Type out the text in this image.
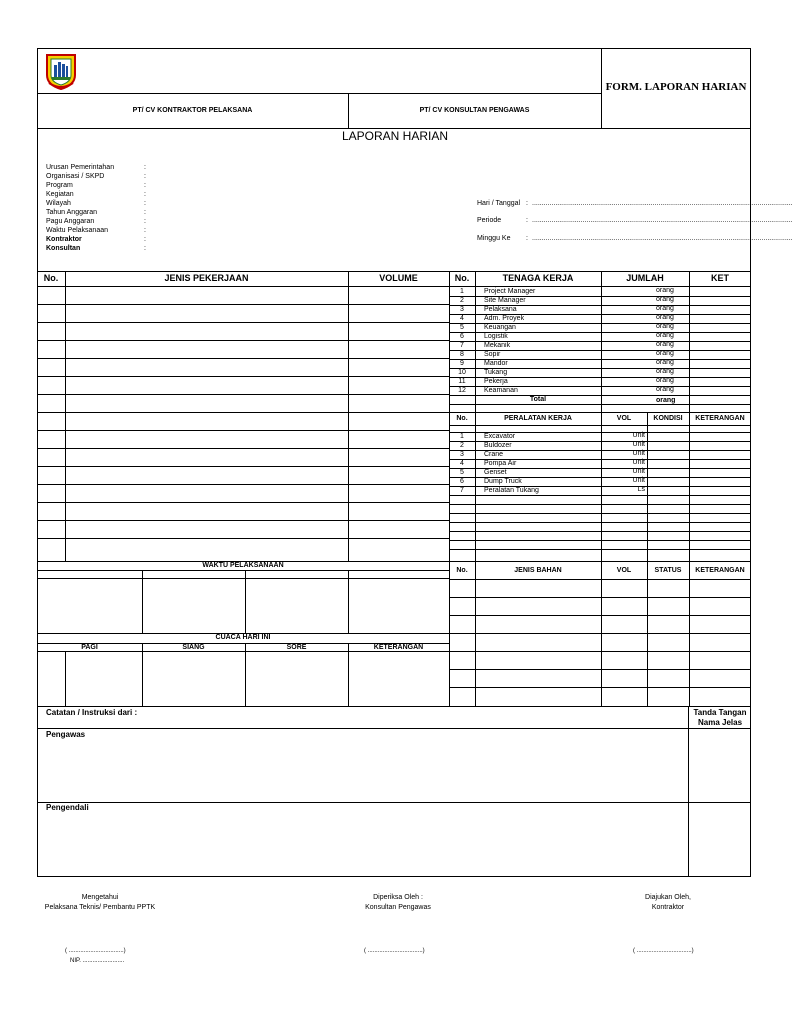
FORM. LAPORAN HARIAN
PT/ CV KONTRAKTOR PELAKSANA	PT/ CV KONSULTAN PENGAWAS
LAPORAN HARIAN
Urusan Pemerintahan	:
Organisasi / SKPD	:
Program	:
Kegiatan	:
Wilayah	:
Tahun Anggaran	:
Pagu Anggaran	:
Waktu Pelaksanaan	:
Kontraktor	:
Konsultan	:
Hari / Tanggal : ......................................................................................................................................
Periode	: ......................................................................................................................................
Minggu Ke : ......................................................................................................................................
No.	JENIS PEKERJAAN	VOLUME	No.	TENAGA KERJA	JUMLAH	KET
1	Project Manager	orang
2	Site Manager	orang
3	Pelaksana	orang
4	Adm. Proyek	orang
5	Keuangan	orang
6	Logistik	orang
7	Mekanik	orang
8	Sopir	orang
9	Mandor	orang
10	Tukang	orang
11	Pekerja	orang
12	Keamanan	orang
Total	orang
No.	PERALATAN KERJA	VOL	KONDISI	KETERANGAN
1	Excavator	Unit
2	Buldozer	Unit
3	Crane	Unit
4	Pompa Air	Unit
5	Genset	Unit
6	Dump Truck	Unit
7	Peralatan Tukang	Ls
No.	JENIS BAHAN	VOL	STATUS	KETERANGAN
WAKTU PELAKSANAAN
CUACA HARI INI
PAGI	SIANG	SORE	KETERANGAN
Catatan / Instruksi dari :	Tanda Tangan
Nama Jelas
Pengawas
Pengendali
Mengetahui
Pelaksana Teknis/ Pembantu PPTK
Diperiksa Oleh :
Konsultan Pengawas
Diajukan Oleh,
Kontraktor
( .................................)
NIP. .........................
( .................................)	( .................................)
